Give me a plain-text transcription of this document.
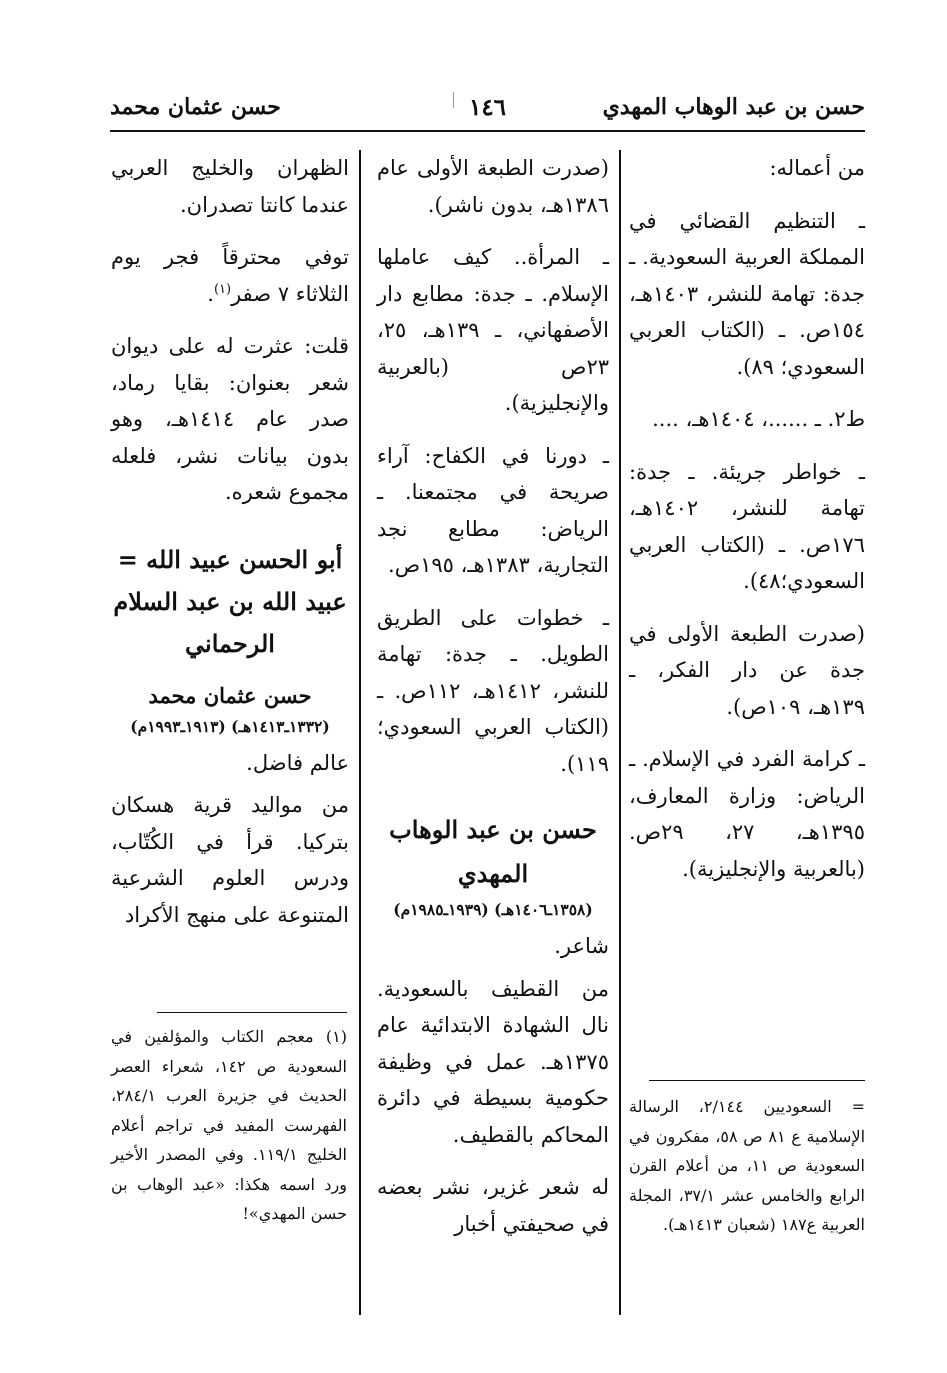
حسن بن عبد الوهاب المهدي
١٤٦
حسن عثمان محمد

من أعماله:

ـ التنظيم القضائي في المملكة العربية السعودية. ـ جدة: تهامة للنشر، ١٤٠٣هـ، ١٥٤ص. ـ (الكتاب العربي السعودي؛ ٨٩).

ط٢. ـ ......، ١٤٠٤هـ، ....

ـ خواطر جريئة. ـ جدة: تهامة للنشر، ١٤٠٢هـ، ١٧٦ص. ـ (الكتاب العربي السعودي؛٤٨).

(صدرت الطبعة الأولى في جدة عن دار الفكر، ـ ١٣٩هـ، ١٠٩ص).

ـ كرامة الفرد في الإسلام. ـ الرياض: وزارة المعارف، ١٣٩٥هـ، ٢٧، ٢٩ص. (بالعربية والإنجليزية).

= السعوديين ٢/١٤٤، الرسالة الإسلامية ع ٨١ ص ٥٨، مفكرون في السعودية ص ١١، من أعلام القرن الرابع والخامس عشر ٣٧/١، المجلة العربية ع١٨٧ (شعبان ١٤١٣هـ).

(صدرت الطبعة الأولى عام ١٣٨٦هـ، بدون ناشر).

ـ المرأة.. كيف عاملها الإسلام. ـ جدة: مطابع دار الأصفهاني، ـ ١٣٩هـ، ٢٥، ٢٣ص (بالعربية والإنجليزية).

ـ دورنا في الكفاح: آراء صريحة في مجتمعنا. ـ الرياض: مطابع نجد التجارية، ١٣٨٣هـ، ١٩٥ص.

ـ خطوات على الطريق الطويل. ـ جدة: تهامة للنشر، ١٤١٢هـ، ١١٢ص. ـ (الكتاب العربي السعودي؛ ١١٩).

حسن بن عبد الوهاب المهدي

(١٣٥٨ـ١٤٠٦هـ) (١٩٣٩ـ١٩٨٥م)

شاعر.

من القطيف بالسعودية. نال الشهادة الابتدائية عام ١٣٧٥هـ. عمل في وظيفة حكومية بسيطة في دائرة المحاكم بالقطيف.

له شعر غزير، نشر بعضه في صحيفتي أخبار

الظهران والخليج العربي عندما كانتا تصدران.

توفي محترقاً فجر يوم الثلاثاء ٧ صفر$^{(١)}$.

قلت: عثرت له على ديوان شعر بعنوان: بقايا رماد، صدر عام ١٤١٤هـ، وهو بدون بيانات نشر، فلعله مجموع شعره.

أبو الحسن عبيد الله = عبيد الله بن عبد السلام الرحماني

حسن عثمان محمد

(١٣٣٢ـ١٤١٣هـ) (١٩١٣ـ١٩٩٣م)

عالم فاضل.

من مواليد قرية هسكان بتركيا. قرأ في الكُتّاب، ودرس العلوم الشرعية المتنوعة على منهج الأكراد

(١) معجم الكتاب والمؤلفين في السعودية ص ١٤٢، شعراء العصر الحديث في جزيرة العرب ٢٨٤/١، الفهرست المفيد في تراجم أعلام الخليج ١١٩/١. وفي المصدر الأخير ورد اسمه هكذا: «عبد الوهاب بن حسن المهدي»!
